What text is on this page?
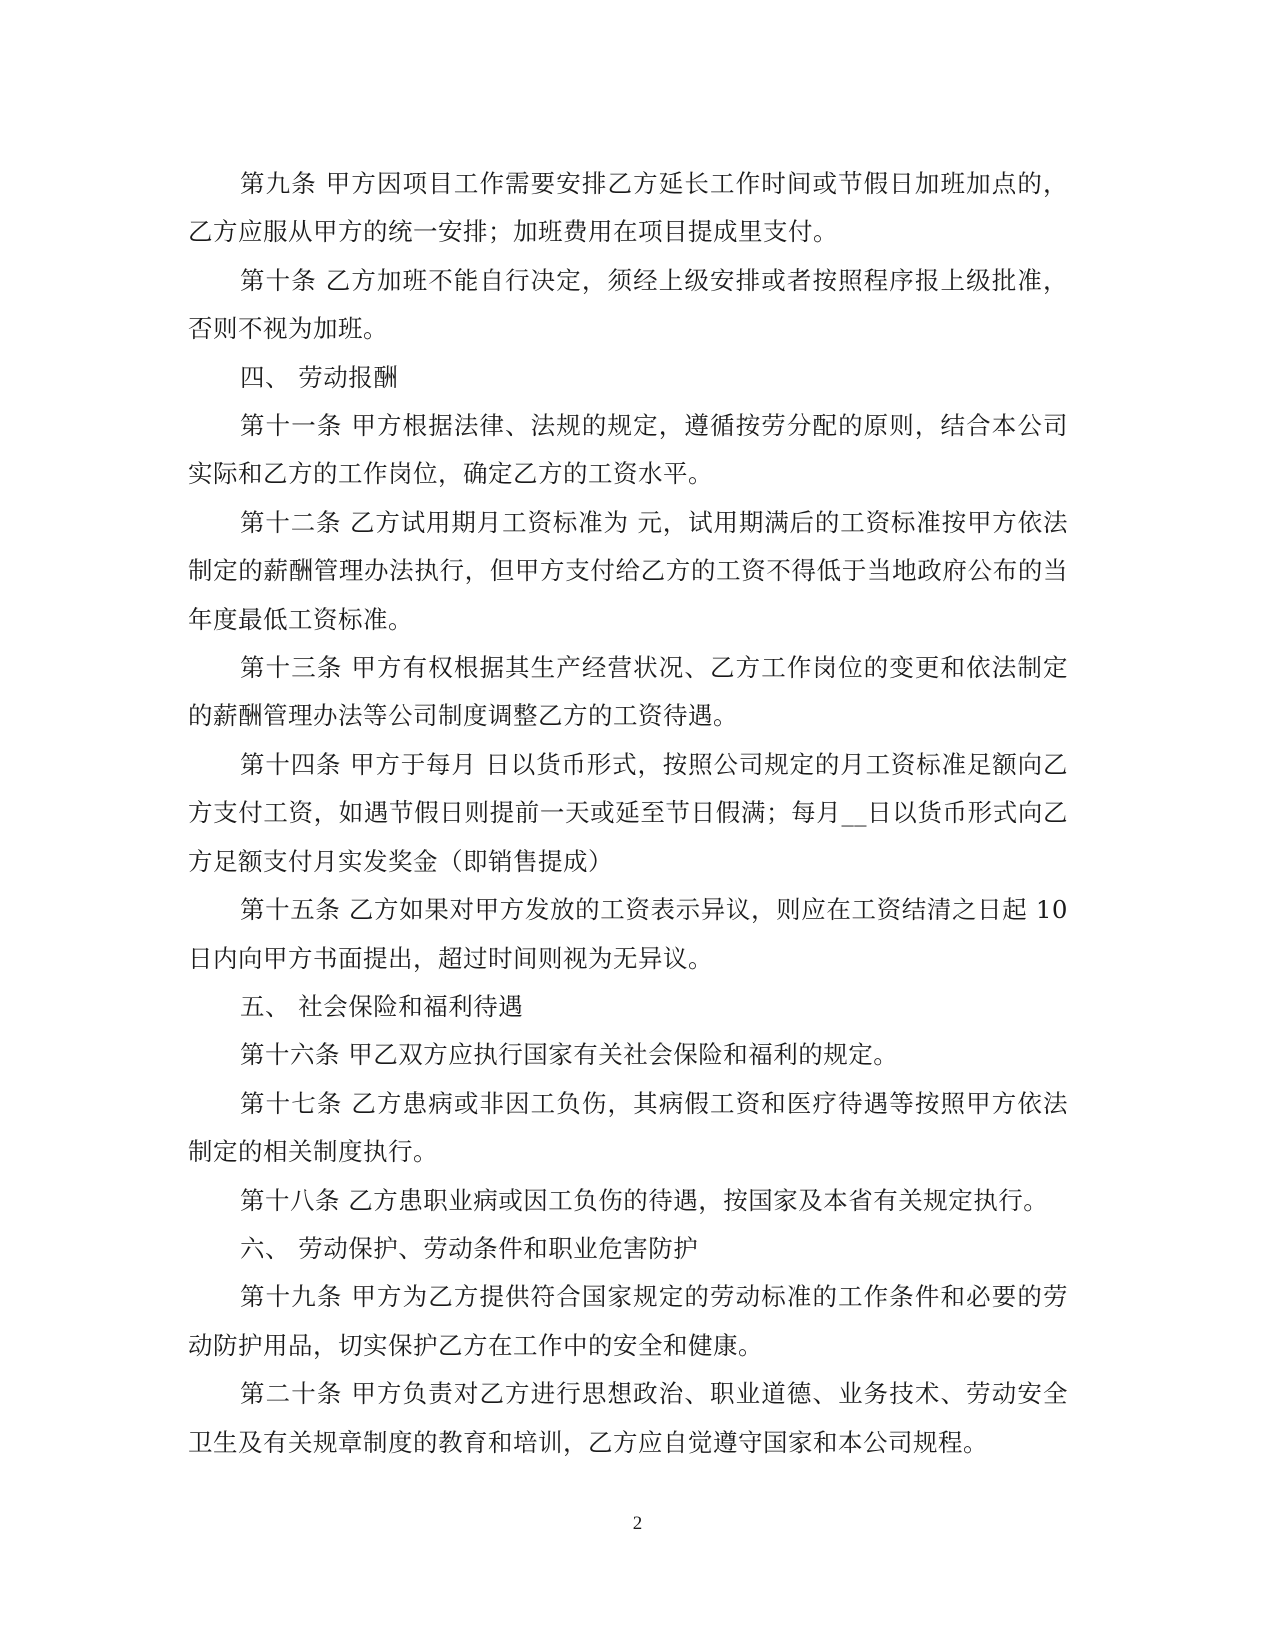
第九条 甲方因项目工作需要安排乙方延长工作时间或节假日加班加点的，乙方应服从甲方的统一安排；加班费用在项目提成里支付。

第十条 乙方加班不能自行决定，须经上级安排或者按照程序报上级批准，否则不视为加班。

四、 劳动报酬

第十一条 甲方根据法律、法规的规定，遵循按劳分配的原则，结合本公司实际和乙方的工作岗位，确定乙方的工资水平。

第十二条 乙方试用期月工资标准为 元，试用期满后的工资标准按甲方依法制定的薪酬管理办法执行，但甲方支付给乙方的工资不得低于当地政府公布的当年度最低工资标准。

第十三条 甲方有权根据其生产经营状况、乙方工作岗位的变更和依法制定的薪酬管理办法等公司制度调整乙方的工资待遇。

第十四条 甲方于每月 日以货币形式，按照公司规定的月工资标准足额向乙方支付工资，如遇节假日则提前一天或延至节日假满；每月__日以货币形式向乙方足额支付月实发奖金（即销售提成）

第十五条 乙方如果对甲方发放的工资表示异议，则应在工资结清之日起 10 日内向甲方书面提出，超过时间则视为无异议。

五、 社会保险和福利待遇

第十六条 甲乙双方应执行国家有关社会保险和福利的规定。

第十七条 乙方患病或非因工负伤，其病假工资和医疗待遇等按照甲方依法制定的相关制度执行。

第十八条 乙方患职业病或因工负伤的待遇，按国家及本省有关规定执行。

六、 劳动保护、劳动条件和职业危害防护

第十九条 甲方为乙方提供符合国家规定的劳动标准的工作条件和必要的劳动防护用品，切实保护乙方在工作中的安全和健康。

第二十条 甲方负责对乙方进行思想政治、职业道德、业务技术、劳动安全卫生及有关规章制度的教育和培训，乙方应自觉遵守国家和本公司规程。

2
